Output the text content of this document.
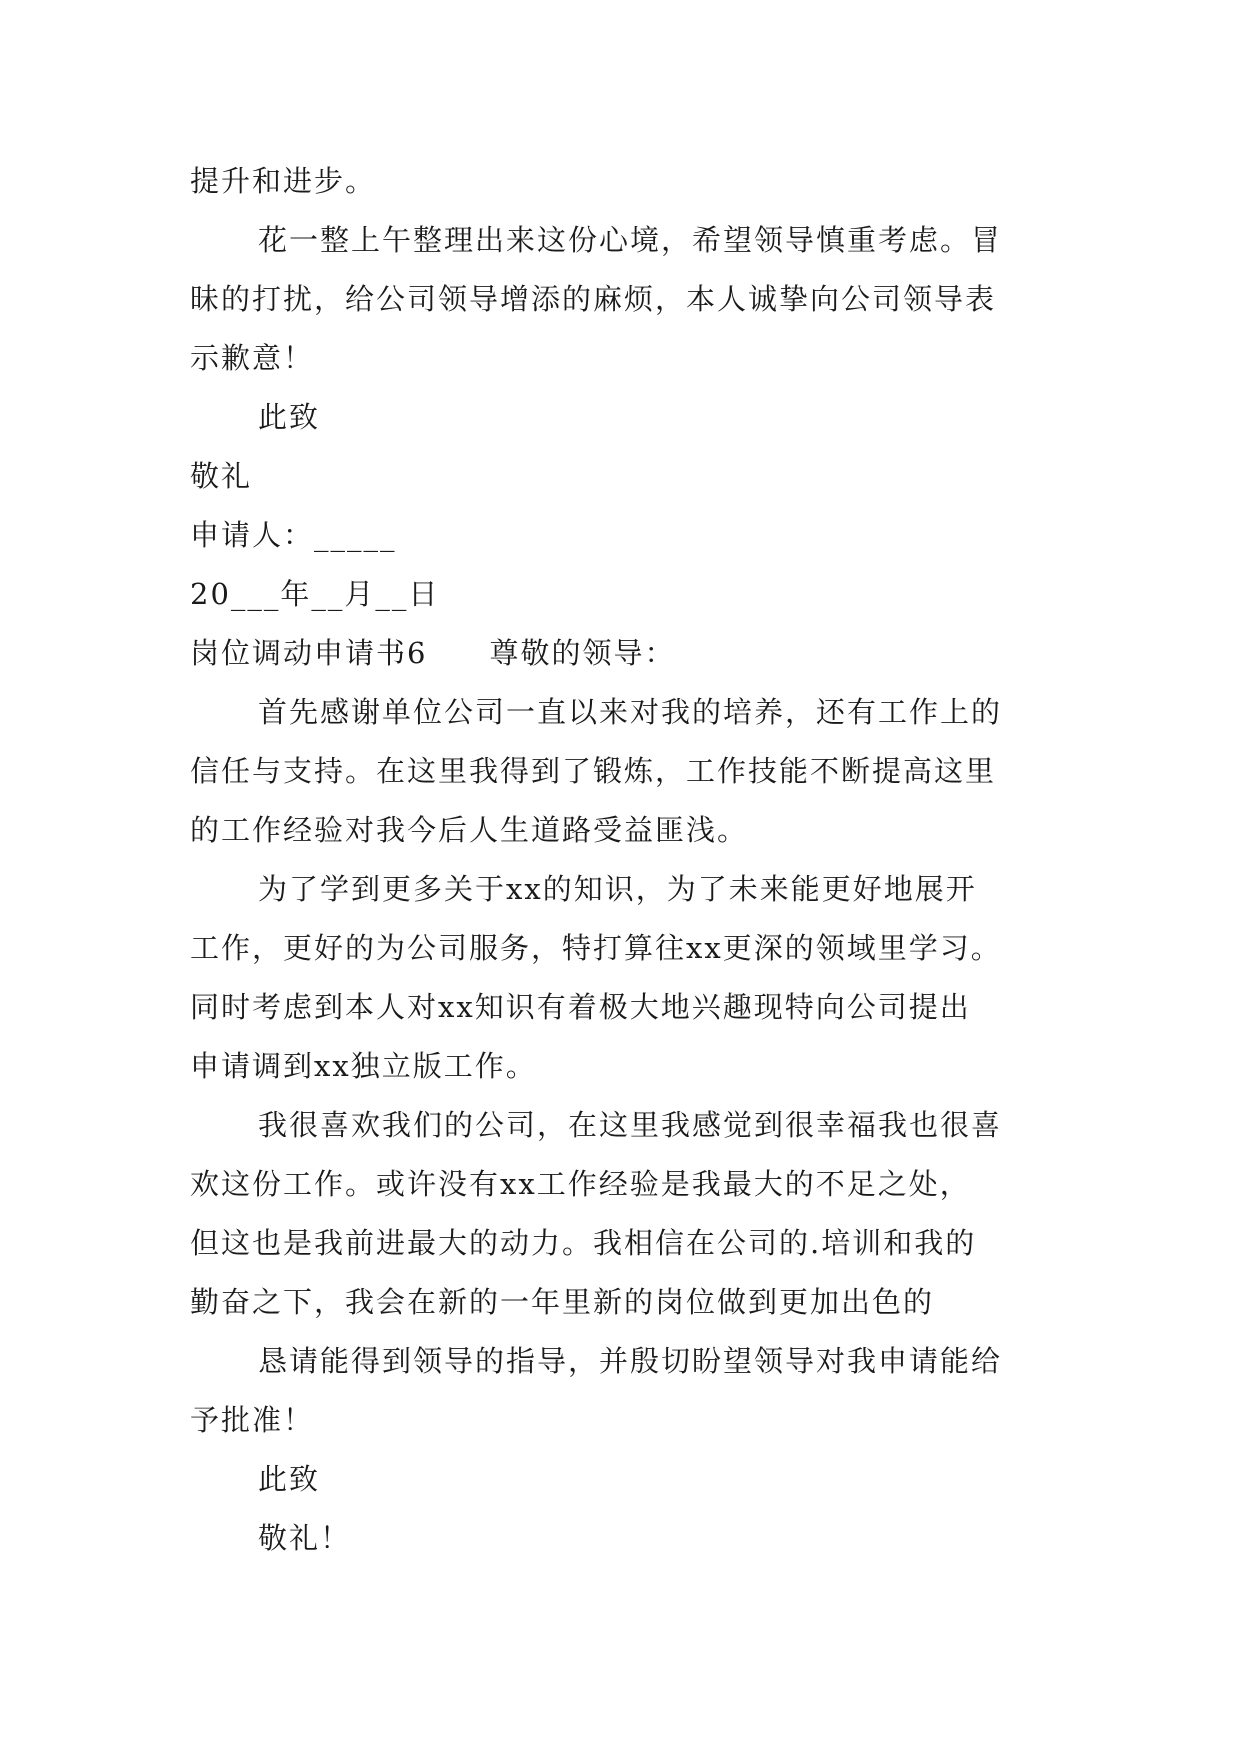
提升和进步。

花一整上午整理出来这份心境，希望领导慎重考虑。冒

昧的打扰，给公司领导增添的麻烦，本人诚挚向公司领导表

示歉意！

此致

敬礼

申请人：_____

20___年__月__日

岗位调动申请书6　　尊敬的领导：

首先感谢单位公司一直以来对我的培养，还有工作上的

信任与支持。在这里我得到了锻炼，工作技能不断提高这里

的工作经验对我今后人生道路受益匪浅。

为了学到更多关于xx的知识，为了未来能更好地展开

工作，更好的为公司服务，特打算往xx更深的领域里学习。

同时考虑到本人对xx知识有着极大地兴趣现特向公司提出

申请调到xx独立版工作。

我很喜欢我们的公司，在这里我感觉到很幸福我也很喜

欢这份工作。或许没有xx工作经验是我最大的不足之处，

但这也是我前进最大的动力。我相信在公司的.培训和我的

勤奋之下，我会在新的一年里新的岗位做到更加出色的

恳请能得到领导的指导，并殷切盼望领导对我申请能给

予批准！

此致

敬礼！
